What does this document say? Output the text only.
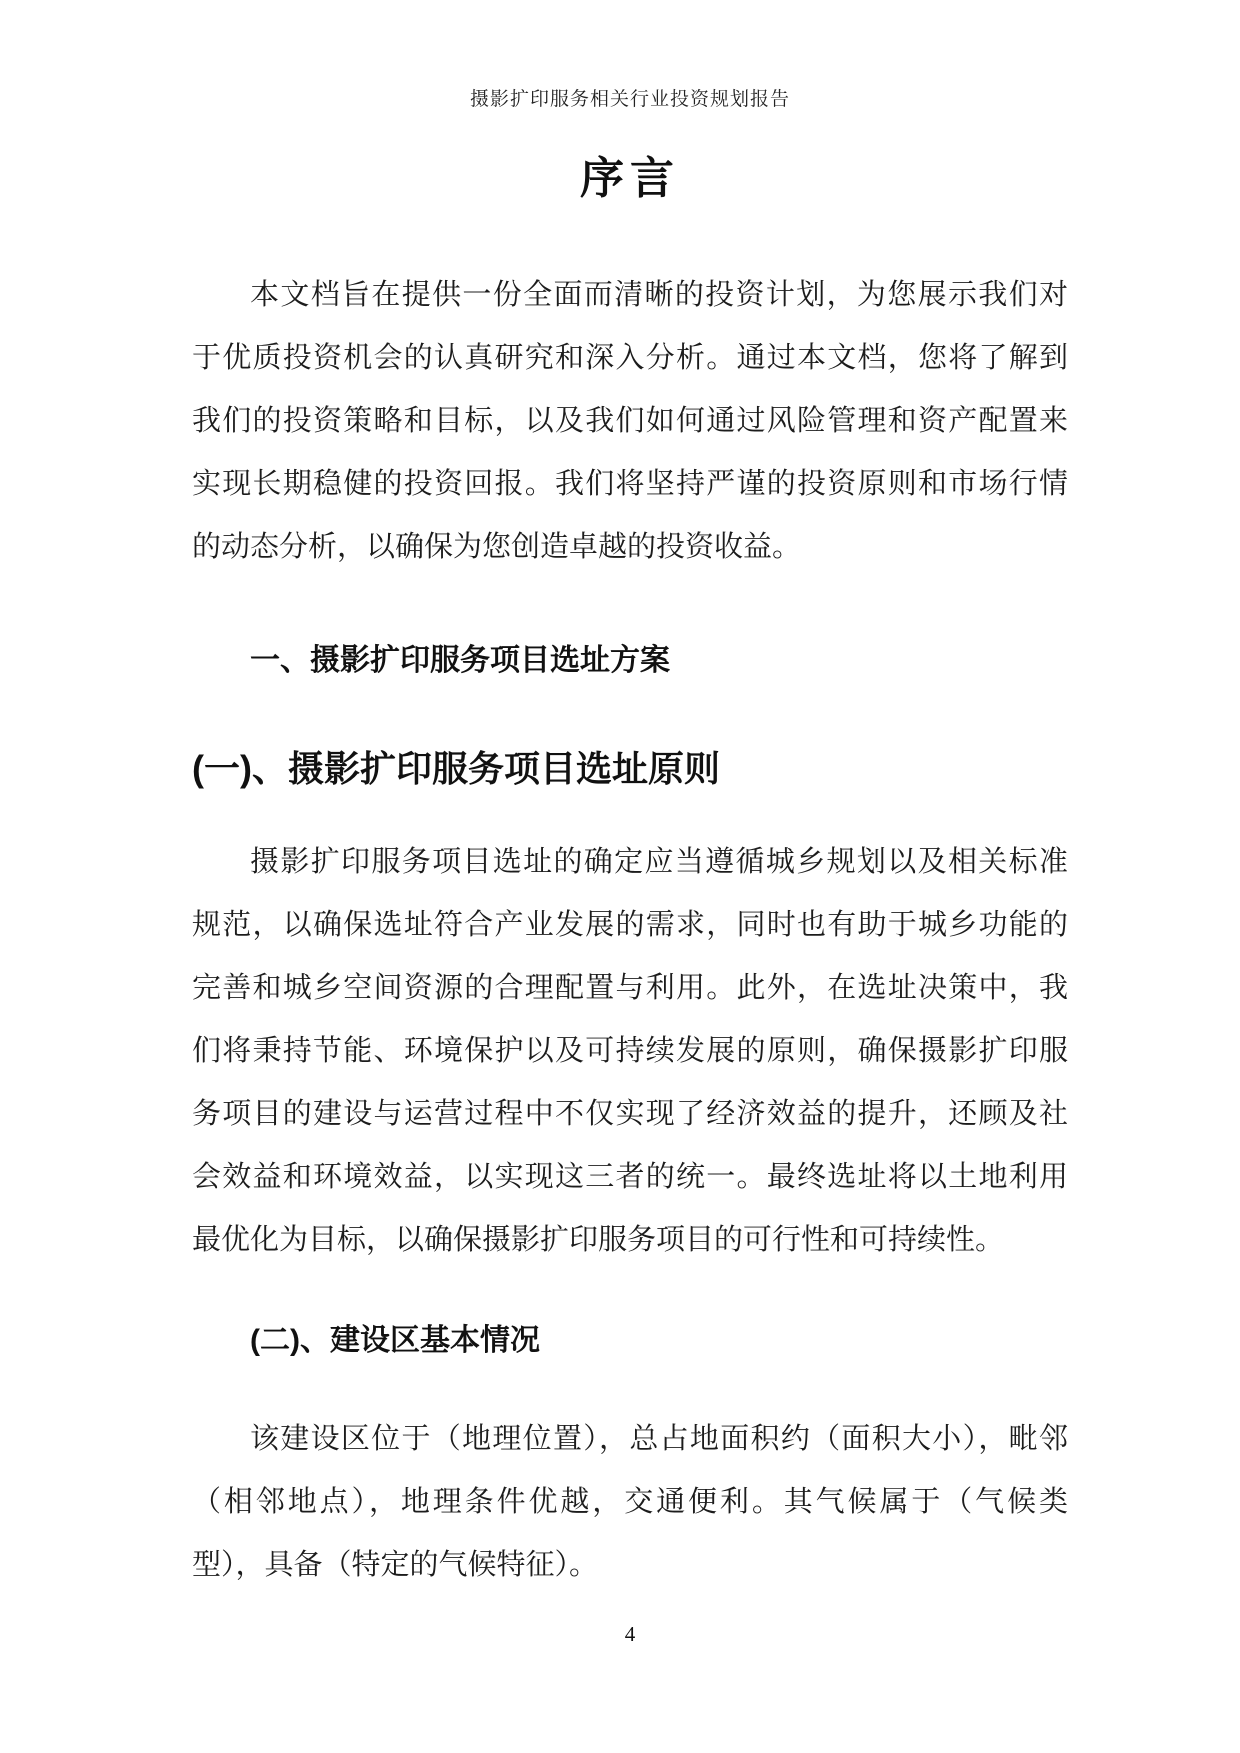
摄影扩印服务相关行业投资规划报告
序言
本文档旨在提供一份全面而清晰的投资计划，为您展示我们对
于优质投资机会的认真研究和深入分析。通过本文档，您将了解到
我们的投资策略和目标，以及我们如何通过风险管理和资产配置来
实现长期稳健的投资回报。我们将坚持严谨的投资原则和市场行情
的动态分析，以确保为您创造卓越的投资收益。
一、摄影扩印服务项目选址方案
(一)、摄影扩印服务项目选址原则
摄影扩印服务项目选址的确定应当遵循城乡规划以及相关标准
规范，以确保选址符合产业发展的需求，同时也有助于城乡功能的
完善和城乡空间资源的合理配置与利用。此外，在选址决策中，我
们将秉持节能、环境保护以及可持续发展的原则，确保摄影扩印服
务项目的建设与运营过程中不仅实现了经济效益的提升，还顾及社
会效益和环境效益，以实现这三者的统一。最终选址将以土地利用
最优化为目标，以确保摄影扩印服务项目的可行性和可持续性。
(二)、建设区基本情况
该建设区位于（地理位置），总占地面积约（面积大小），毗邻
（相邻地点），地理条件优越，交通便利。其气候属于（气候类
型），具备（特定的气候特征）。
4
